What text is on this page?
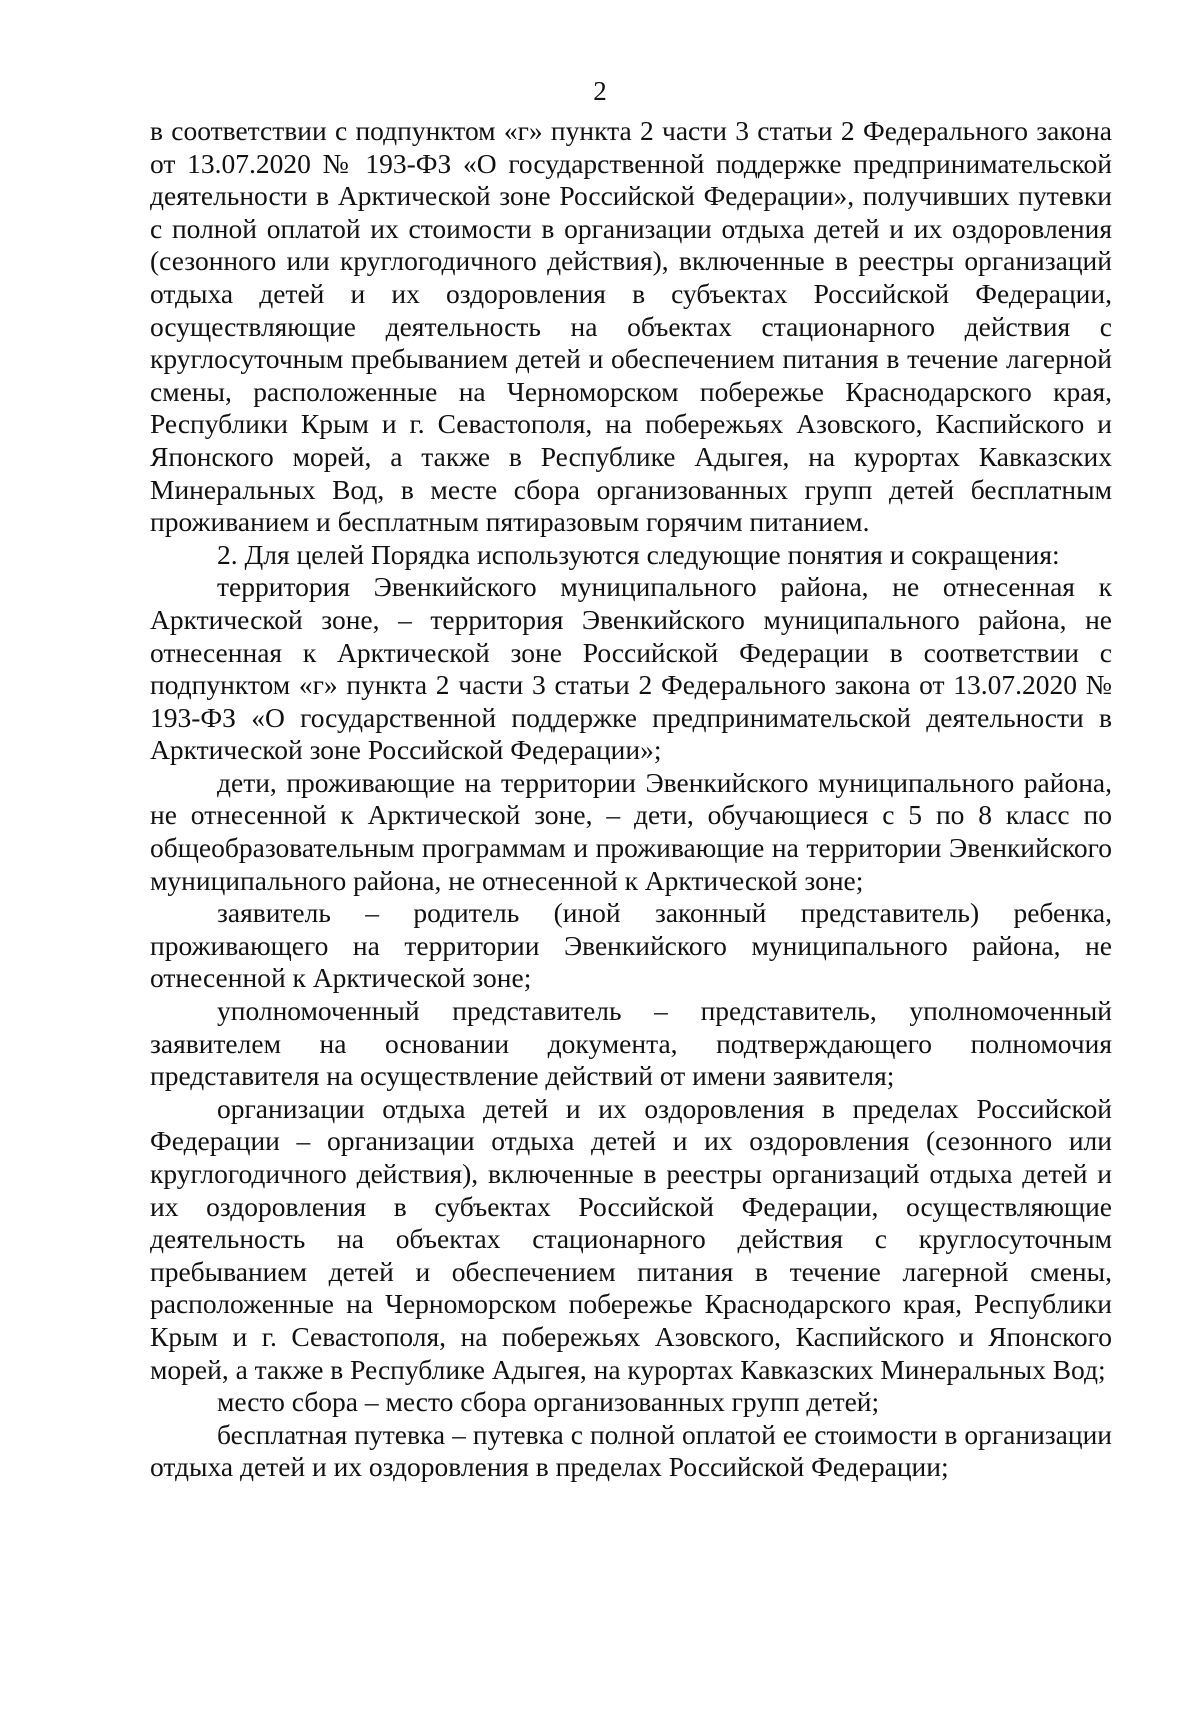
2

в соответствии с подпунктом «г» пункта 2 части 3 статьи 2 Федерального закона от 13.07.2020 № 193-ФЗ «О государственной поддержке предпринимательской деятельности в Арктической зоне Российской Федерации», получивших путевки с полной оплатой их стоимости в организации отдыха детей и их оздоровления (сезонного или круглогодичного действия), включенные в реестры организаций отдыха детей и их оздоровления в субъектах Российской Федерации, осуществляющие деятельность на объектах стационарного действия с круглосуточным пребыванием детей и обеспечением питания в течение лагерной смены, расположенные на Черноморском побережье Краснодарского края, Республики Крым и г. Севастополя, на побережьях Азовского, Каспийского и Японского морей, а также в Республике Адыгея, на курортах Кавказских Минеральных Вод, в месте сбора организованных групп детей бесплатным проживанием и бесплатным пятиразовым горячим питанием.

2. Для целей Порядка используются следующие понятия и сокращения:

территория Эвенкийского муниципального района, не отнесенная к Арктической зоне, – территория Эвенкийского муниципального района, не отнесенная к Арктической зоне Российской Федерации в соответствии с подпунктом «г» пункта 2 части 3 статьи 2 Федерального закона от 13.07.2020 № 193-ФЗ «О государственной поддержке предпринимательской деятельности в Арктической зоне Российской Федерации»;

дети, проживающие на территории Эвенкийского муниципального района, не отнесенной к Арктической зоне, – дети, обучающиеся с 5 по 8 класс по общеобразовательным программам и проживающие на территории Эвенкийского муниципального района, не отнесенной к Арктической зоне;

заявитель – родитель (иной законный представитель) ребенка, проживающего на территории Эвенкийского муниципального района, не отнесенной к Арктической зоне;

уполномоченный представитель – представитель, уполномоченный заявителем на основании документа, подтверждающего полномочия представителя на осуществление действий от имени заявителя;

организации отдыха детей и их оздоровления в пределах Российской Федерации – организации отдыха детей и их оздоровления (сезонного или круглогодичного действия), включенные в реестры организаций отдыха детей и их оздоровления в субъектах Российской Федерации, осуществляющие деятельность на объектах стационарного действия с круглосуточным пребыванием детей и обеспечением питания в течение лагерной смены, расположенные на Черноморском побережье Краснодарского края, Республики Крым и г. Севастополя, на побережьях Азовского, Каспийского и Японского морей, а также в Республике Адыгея, на курортах Кавказских Минеральных Вод;

место сбора – место сбора организованных групп детей;

бесплатная путевка – путевка с полной оплатой ее стоимости в организации отдыха детей и их оздоровления в пределах Российской Федерации;
